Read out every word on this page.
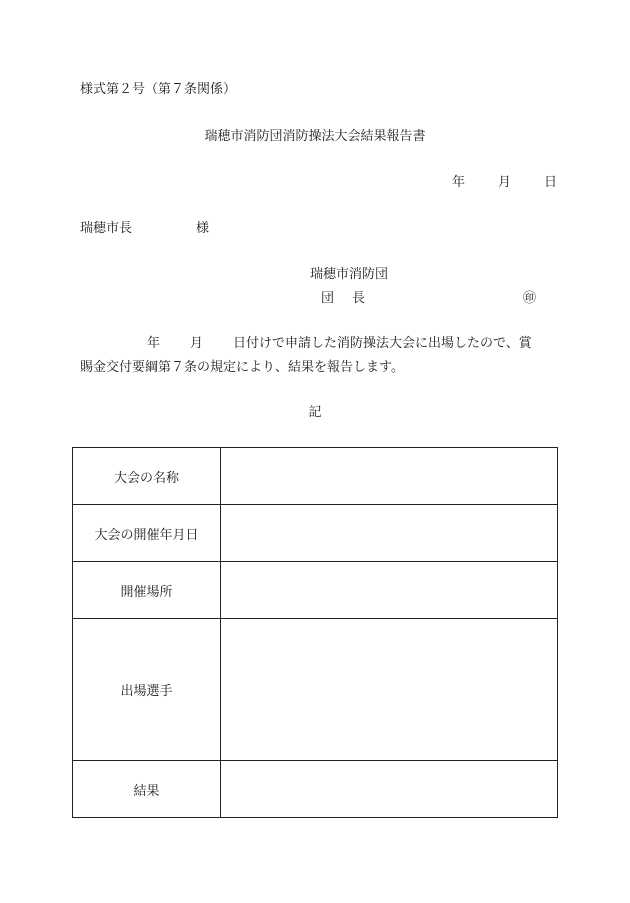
様式第２号（第７条関係）
瑞穂市消防団消防操法大会結果報告書
年	月	日
瑞穂市長	様
瑞穂市消防団
団 長	㊞
年 月 日付けで申請した消防操法大会に出場したので、賞
賜金交付要綱第７条の規定により、結果を報告します。
記
大会の名称	
大会の開催年月日	
開催場所	
出場選手	
結果	
